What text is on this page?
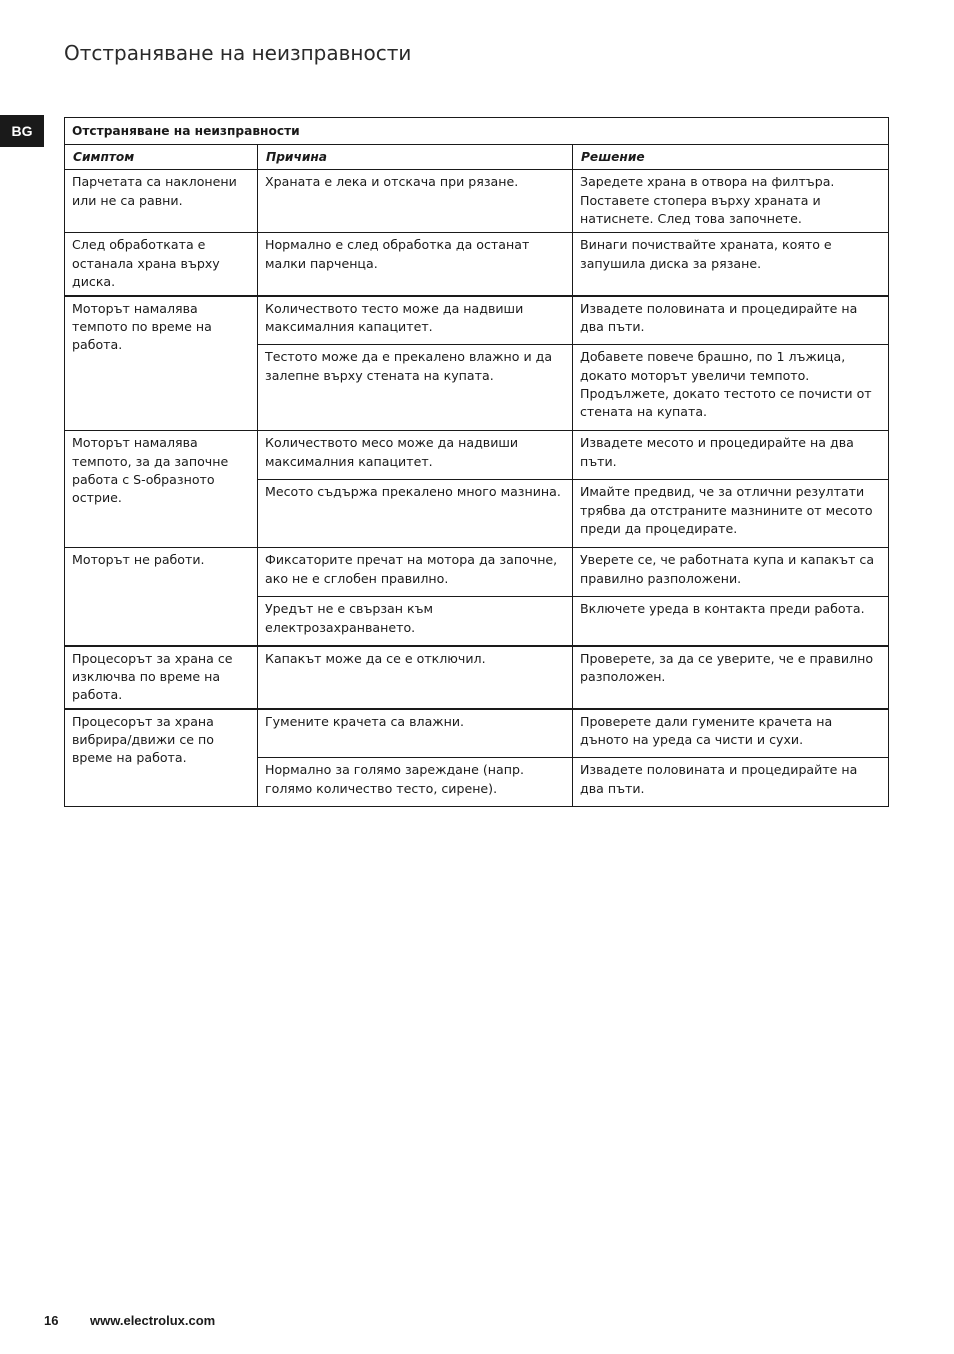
Отстраняване на неизправности
BG	Отстраняване на неизправности		
Симптом	Причина	Решение
Парчетата са наклонени или не са равни.	Храната е лека и отскача при рязане.	Заредете храна в отвора на филтъра. Поставете стопера върху храната и натиснете. След това започнете.
След обработката е останала храна върху диска.	Нормално е след обработка да останат малки парченца.	Винаги почиствайте храната, която е запушила диска за рязане.
Моторът намалява темпото по време на работа.	Количеството тесто може да надвиши максималния капацитет.	Извадете половината и процедирайте на два пъти.
	Тестото може да е прекалено влажно и да залепне върху стената на купата.	Добавете повече брашно, по 1 лъжица, докато моторът увеличи темпото. Продължете, докато тестото се почисти от стената на купата.
Моторът намалява темпото, за да започне работа с S-образното острие.	Количеството месо може да надвиши максималния капацитет.	Извадете месото и процедирайте на два пъти.
	Месото съдържа прекалено много мазнина.	Имайте предвид, че за отлични резултати трябва да отстраните мазнините от месото преди да процедирате.
Моторът не работи.	Фиксаторите пречат на мотора да започне, ако не е сглобен правилно.	Уверете се, че работната купа и капакът са правилно разположени.
	Уредът не е свързан към електрозахранването.	Включете уреда в контакта преди работа.
Процесорът за храна се изключва по време на работа.	Капакът може да се е отключил.	Проверете, за да се уверите, че е правилно разположен.
Процесорът за храна вибрира/движи се по време на работа.	Гумените крачета са влажни.	Проверете дали гумените крачета на дъното на уреда са чисти и сухи.
	Нормално за голямо зареждане (напр. голямо количество тесто, сирене).	Извадете половината и процедирайте на два пъти.
16 www.electrolux.com
